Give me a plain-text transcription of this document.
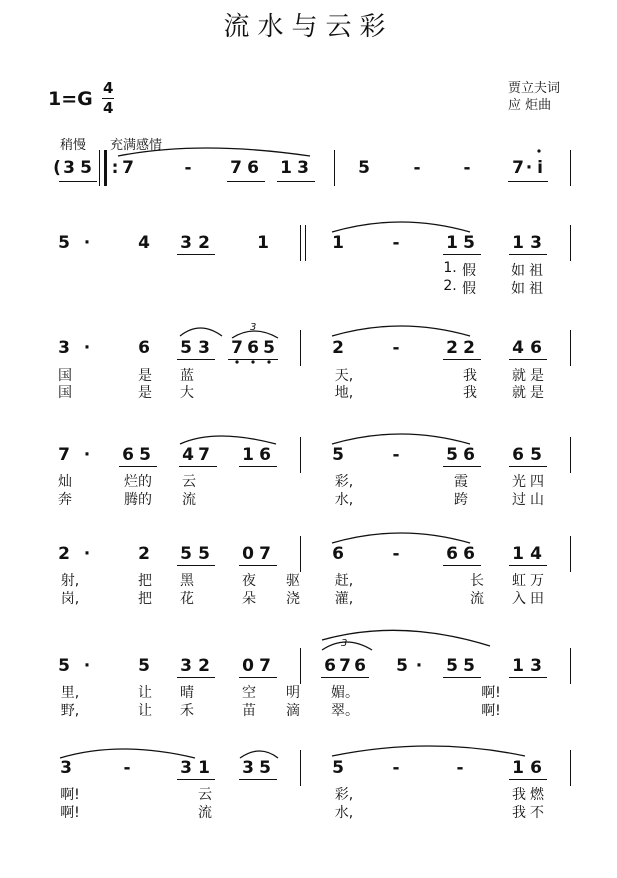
流水与云彩
1=G 4
4
贾立夫词
应 炬曲
稍慢 充满感情
( 3 5 : 7	- 7 6 1 3	5	-	- 7 · i
5 ·	4 3 2	1	1	-	1 5 1 3
1. 假	如 祖
2. 假	如 祖
3 ·	6 5 3 7 6 5	2	-	2 2 4 6
3
国	是 蓝	天,	我	就 是
国	是 大	地,	我	就 是
7 · 6 5 4 7 1 6	5	-	5 6 6 5
灿	烂的	云	彩,	霞	光 四
奔	腾的	流	水,	跨	过 山
2 ·	2 5 5 0 7	6	-	6 6 1 4
射,	把 黑	夜 驱 赶,	长 虹 万
岗,	把 花	朵 浇 灌,	流 入 田
5 ·	5 3 2 0 7	6 7 6 5 · 5 5 1 3
3
里,	让 晴	空 明 媚。	啊!
野,	让 禾	苗 滴 翠。	啊!
3	-	3 1 3 5	5	-	-	1 6
啊!	云	彩,	我 燃
啊!	流	水,	我 不
